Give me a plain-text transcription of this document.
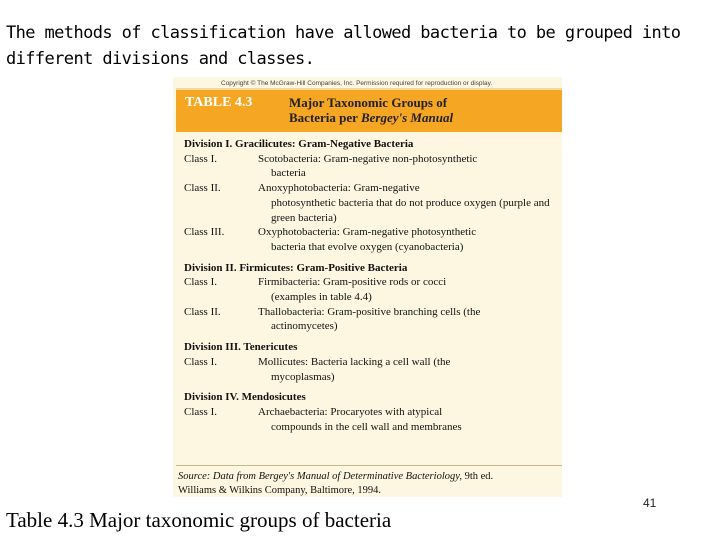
The methods of classification have allowed bacteria to be grouped into different divisions and classes.
Copyright © The McGraw-Hill Companies, Inc. Permission required for reproduction or display.
TABLE 4.3	Major Taxonomic Groups of
Bacteria per Bergey's Manual
Division I. Gracilicutes: Gram-Negative Bacteria
Class I.	Scotobacteria: Gram-negative non-photosynthetic
bacteria
Class II.	Anoxyphotobacteria: Gram-negative
photosynthetic bacteria that do not produce oxygen (purple and green bacteria)
Class III.	Oxyphotobacteria: Gram-negative photosynthetic
bacteria that evolve oxygen (cyanobacteria)
Division II. Firmicutes: Gram-Positive Bacteria
Class I.	Firmibacteria: Gram-positive rods or cocci
(examples in table 4.4)
Class II.	Thallobacteria: Gram-positive branching cells (the
actinomycetes)
Division III. Tenericutes
Class I.	Mollicutes: Bacteria lacking a cell wall (the
mycoplasmas)
Division IV. Mendosicutes
Class I.	Archaebacteria: Procaryotes with atypical
compounds in the cell wall and membranes
Source: Data from Bergey's Manual of Determinative Bacteriology, 9th ed.
Williams & Wilkins Company, Baltimore, 1994.
Table 4.3 Major taxonomic groups of bacteria
41
